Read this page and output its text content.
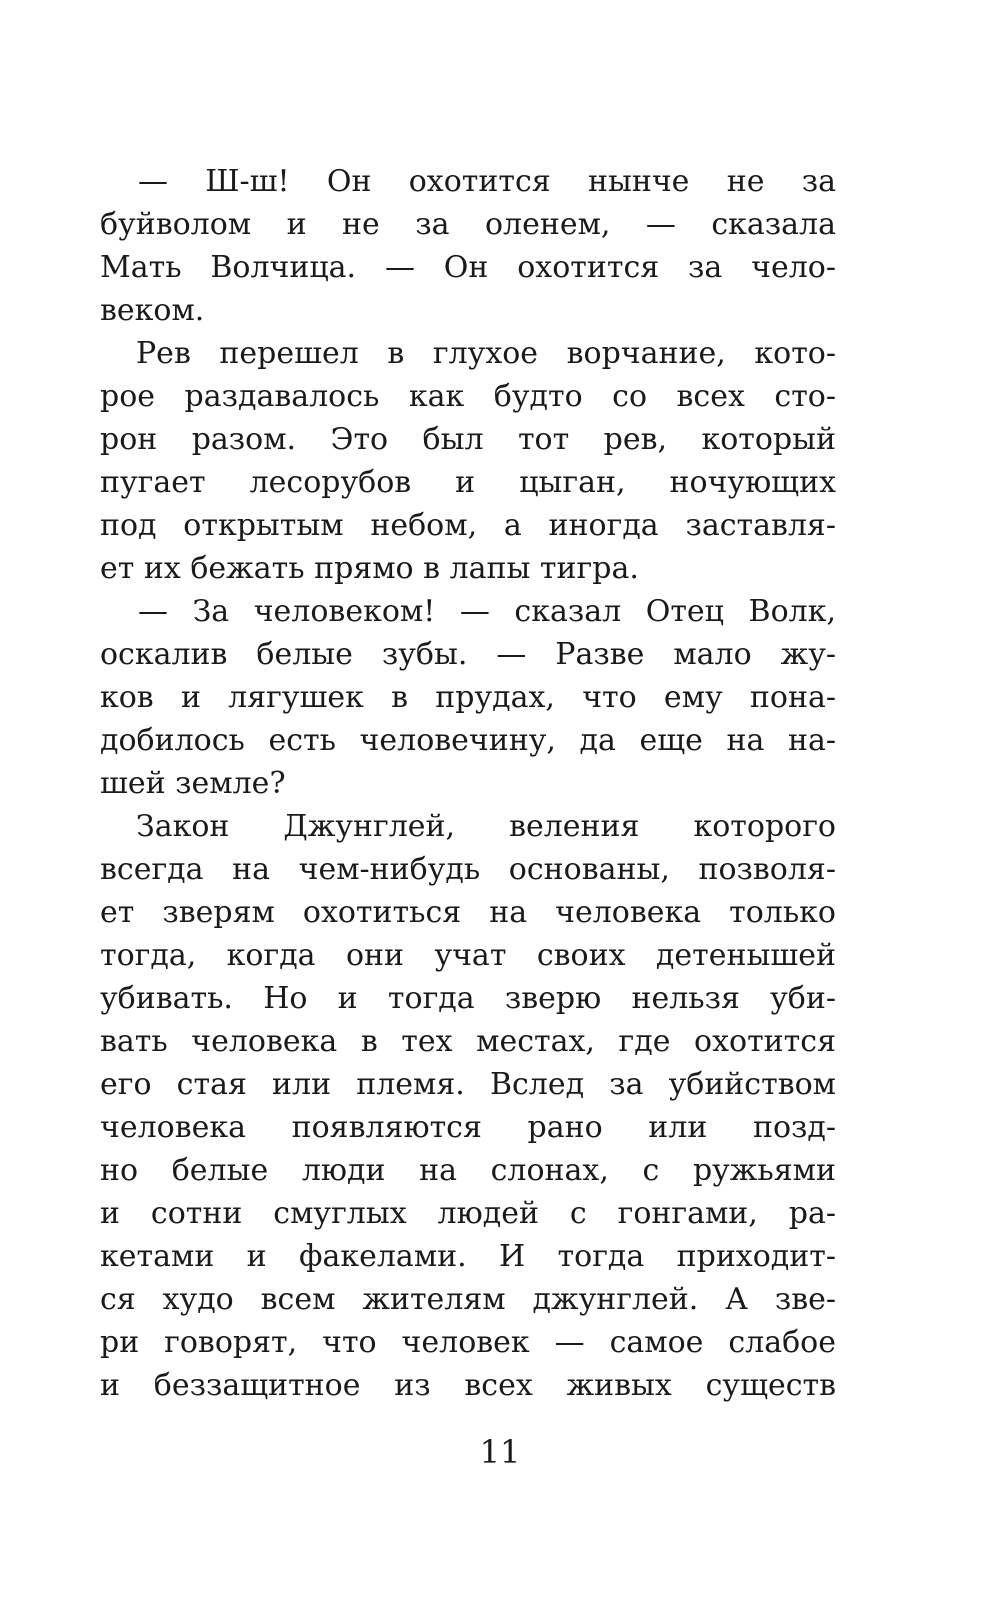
— Ш-ш! Он охотится нынче не за
буйволом и не за оленем, — сказала
Мать Волчица. — Он охотится за чело-
веком.
Рев перешел в глухое ворчание, кото-
рое раздавалось как будто со всех сто-
рон разом. Это был тот рев, который
пугает лесорубов и цыган, ночующих
под открытым небом, а иногда заставля-
ет их бежать прямо в лапы тигра.
— За человеком! — сказал Отец Волк,
оскалив белые зубы. — Разве мало жу-
ков и лягушек в прудах, что ему пона-
добилось есть человечину, да еще на на-
шей земле?
Закон Джунглей, веления которого
всегда на чем-нибудь основаны, позволя-
ет зверям охотиться на человека только
тогда, когда они учат своих детенышей
убивать. Но и тогда зверю нельзя уби-
вать человека в тех местах, где охотится
его стая или племя. Вслед за убийством
человека появляются рано или позд-
но белые люди на слонах, с ружьями
и сотни смуглых людей с гонгами, ра-
кетами и факелами. И тогда приходит-
ся худо всем жителям джунглей. А зве-
ри говорят, что человек — самое слабое
и беззащитное из всех живых существ
11
